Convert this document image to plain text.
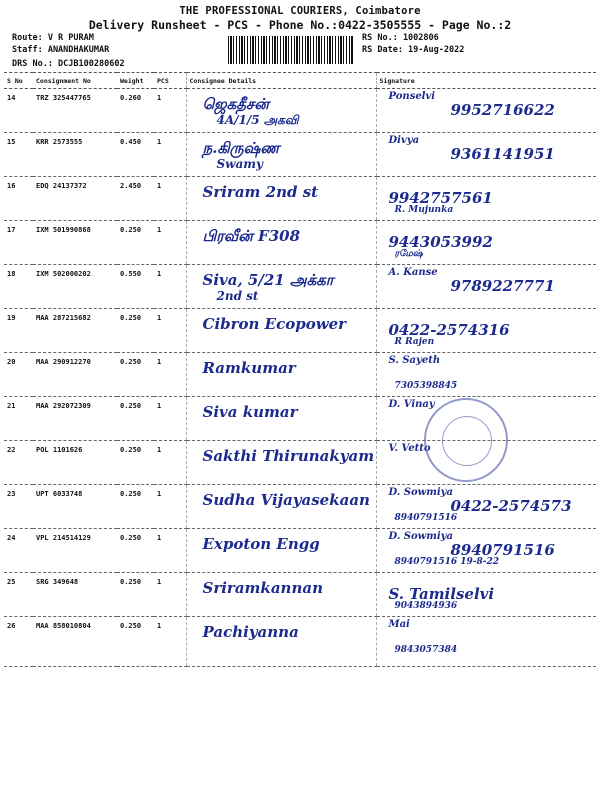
THE PROFESSIONAL COURIERS, Coimbatore
Delivery Runsheet - PCS - Phone No.:0422-3505555 - Page No.:2
Route: V R PURAM
Staff: ANANDHAKUMAR
DRS No.: DCJB100280602
RS No.: 1002806
RS Date: 19-Aug-2022
S No	Consignment No	Weight	PCS	Consignee Details	Signature
14	TRZ 325447765	0.260	1	ஜெகதீசன்
4A/1/5 அகவி	Ponselvi
9952716622

15	KRR 2573555	0.450	1	ந.கிருஷ்ண
Swamy	Divya
9361141951

16	EDQ 24137372	2.450	1	Sriram 2nd st	9942757561
R. Mujunka

17	IXM 501990868	0.250	1	பிரவீன் F308	9443053992
ரமேஷ்

18	IXM 502000202	0.550	1	Siva, 5/21 அக்கா
2nd st	A. Kanse
9789227771

19	MAA 287215682	0.250	1	Cibron Ecopower	0422-2574316
R Rajen

20	MAA 290912270	0.250	1	Ramkumar	S. Sayeth
7305398845

21	MAA 292072309	0.250	1	Siva kumar	D. Vinay

22	POL 1101626	0.250	1	Sakthi Thirunakyam	V. Vetto

23	UPT 6033748	0.250	1	Sudha Vijayasekaan	D. Sowmiya
0422-2574573
8940791516

24	VPL 214514129	0.250	1	Expoton Engg	D. Sowmiya
8940791516
8940791516 19-8-22

25	SRG 349648	0.250	1	Sriramkannan	S. Tamilselvi
9043894936

26	MAA 858010804	0.250	1	Pachiyanna	Mai
9843057384
